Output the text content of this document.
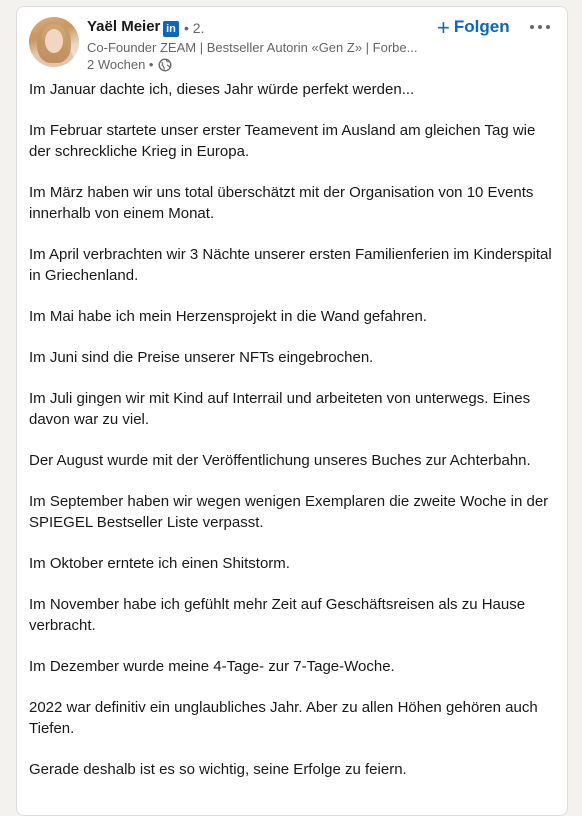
Yaël Meier in • 2.
Co-Founder ZEAM | Bestseller Autorin «Gen Z» | Forbe...
2 Wochen •
+ Folgen

Im Januar dachte ich, dieses Jahr würde perfekt werden...

Im Februar startete unser erster Teamevent im Ausland am gleichen Tag wie der schreckliche Krieg in Europa.

Im März haben wir uns total überschätzt mit der Organisation von 10 Events innerhalb von einem Monat.

Im April verbrachten wir 3 Nächte unserer ersten Familienferien im Kinderspital in Griechenland.

Im Mai habe ich mein Herzensprojekt in die Wand gefahren.

Im Juni sind die Preise unserer NFTs eingebrochen.

Im Juli gingen wir mit Kind auf Interrail und arbeiteten von unterwegs. Eines davon war zu viel.

Der August wurde mit der Veröffentlichung unseres Buches zur Achterbahn.

Im September haben wir wegen wenigen Exemplaren die zweite Woche in der SPIEGEL Bestseller Liste verpasst.

Im Oktober erntete ich einen Shitstorm.

Im November habe ich gefühlt mehr Zeit auf Geschäftsreisen als zu Hause verbracht.

Im Dezember wurde meine 4-Tage- zur 7-Tage-Woche.

2022 war definitiv ein unglaubliches Jahr. Aber zu allen Höhen gehören auch Tiefen.

Gerade deshalb ist es so wichtig, seine Erfolge zu feiern.
